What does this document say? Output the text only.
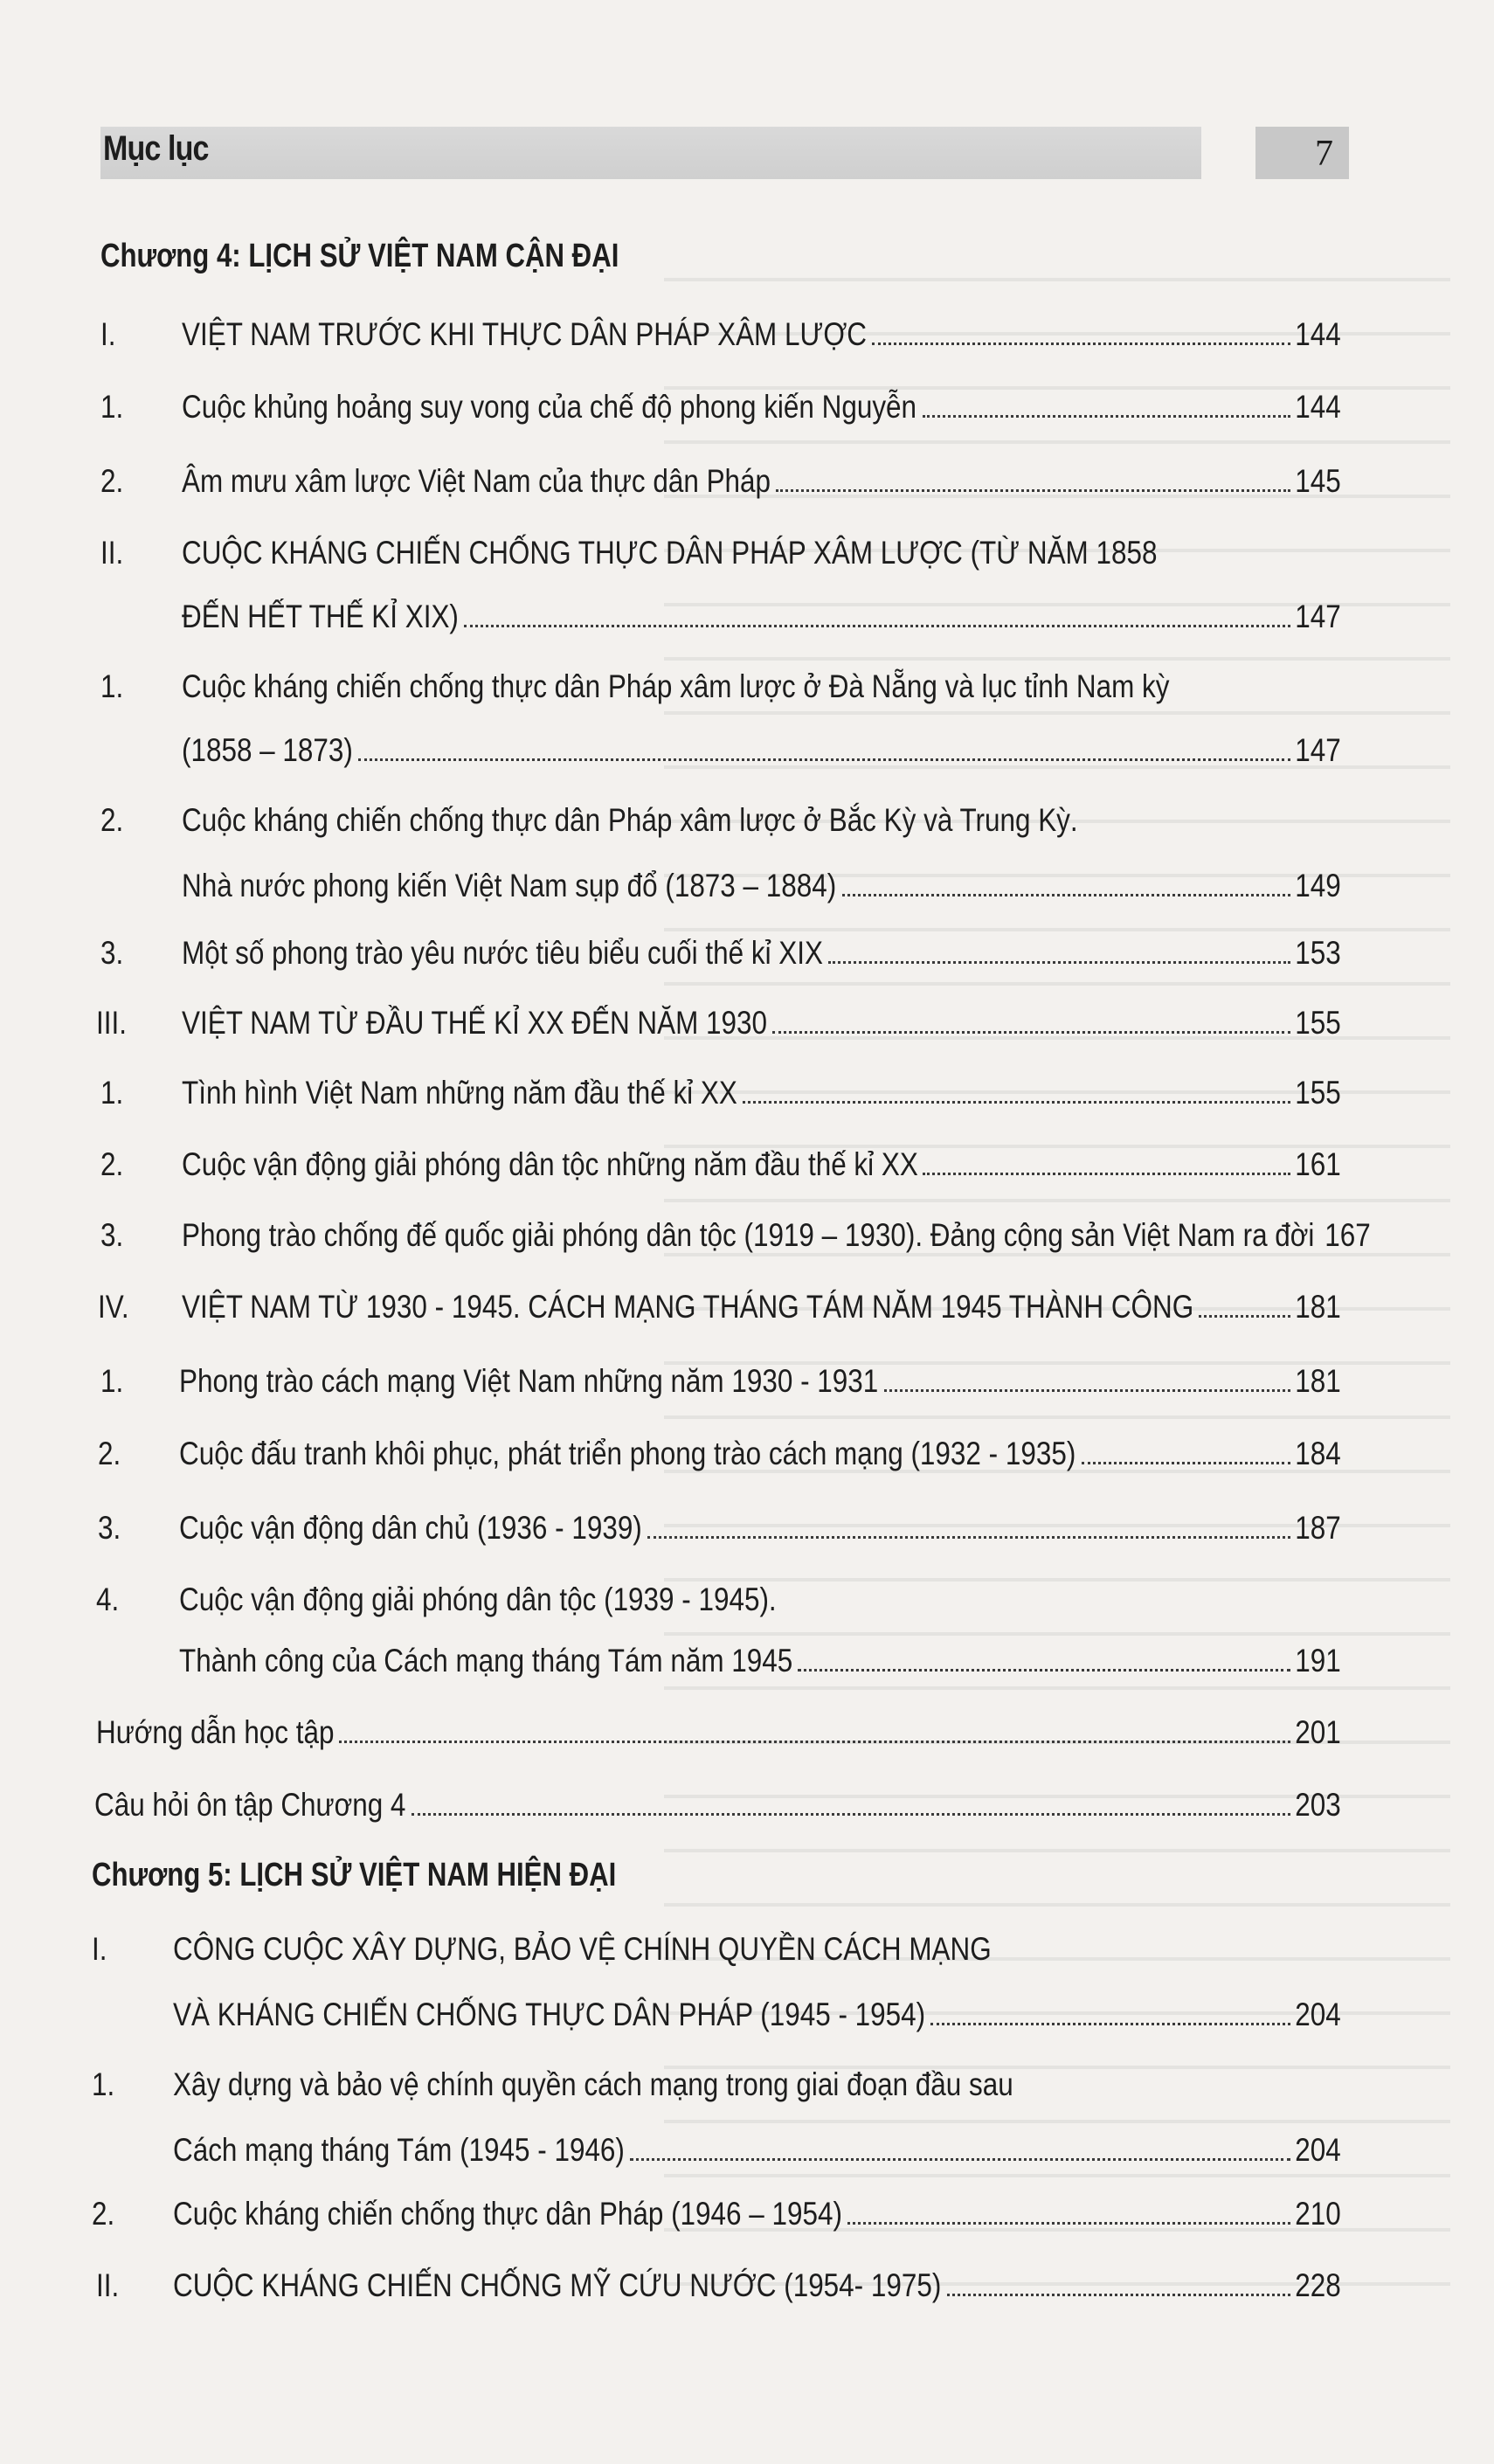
Mục lục	7
Chương 4: LỊCH SỬ VIỆT NAM CẬN ĐẠI
Chương 5: LỊCH SỬ VIỆT NAM HIỆN ĐẠI
I. VIỆT NAM TRƯỚC KHI THỰC DÂN PHÁP XÂM LƯỢC	144
1. Cuộc khủng hoảng suy vong của chế độ phong kiến Nguyễn	144
2. Âm mưu xâm lược Việt Nam của thực dân Pháp	145
II. CUỘC KHÁNG CHIẾN CHỐNG THỰC DÂN PHÁP XÂM LƯỢC (TỪ NĂM 1858
ĐẾN HẾT THẾ KỈ XIX)	147
1. Cuộc kháng chiến chống thực dân Pháp xâm lược ở Đà Nẵng và lục tỉnh Nam kỳ
(1858 – 1873)	147
2. Cuộc kháng chiến chống thực dân Pháp xâm lược ở Bắc Kỳ và Trung Kỳ.
Nhà nước phong kiến Việt Nam sụp đổ (1873 – 1884)	149
3. Một số phong trào yêu nước tiêu biểu cuối thế kỉ XIX	153
III. VIỆT NAM TỪ ĐẦU THẾ KỈ XX ĐẾN NĂM 1930	155
1. Tình hình Việt Nam những năm đầu thế kỉ XX	155
2. Cuộc vận động giải phóng dân tộc những năm đầu thế kỉ XX	161
3. Phong trào chống đế quốc giải phóng dân tộc (1919 – 1930). Đảng cộng sản Việt Nam ra đời 167
IV. VIỆT NAM TỪ 1930 - 1945. CÁCH MẠNG THÁNG TÁM NĂM 1945 THÀNH CÔNG	181
1. Phong trào cách mạng Việt Nam những năm 1930 - 1931	181
2. Cuộc đấu tranh khôi phục, phát triển phong trào cách mạng (1932 - 1935)	184
3. Cuộc vận động dân chủ (1936 - 1939)	187
4. Cuộc vận động giải phóng dân tộc (1939 - 1945).
Thành công của Cách mạng tháng Tám năm 1945	191
Hướng dẫn học tập	201
Câu hỏi ôn tập Chương 4	203
I. CÔNG CUỘC XÂY DỰNG, BẢO VỆ CHÍNH QUYỀN CÁCH MẠNG
VÀ KHÁNG CHIẾN CHỐNG THỰC DÂN PHÁP (1945 - 1954)	204
1. Xây dựng và bảo vệ chính quyền cách mạng trong giai đoạn đầu sau
Cách mạng tháng Tám (1945 - 1946)	204
2. Cuộc kháng chiến chống thực dân Pháp (1946 – 1954)	210
II. CUỘC KHÁNG CHIẾN CHỐNG MỸ CỨU NƯỚC (1954- 1975)	228
